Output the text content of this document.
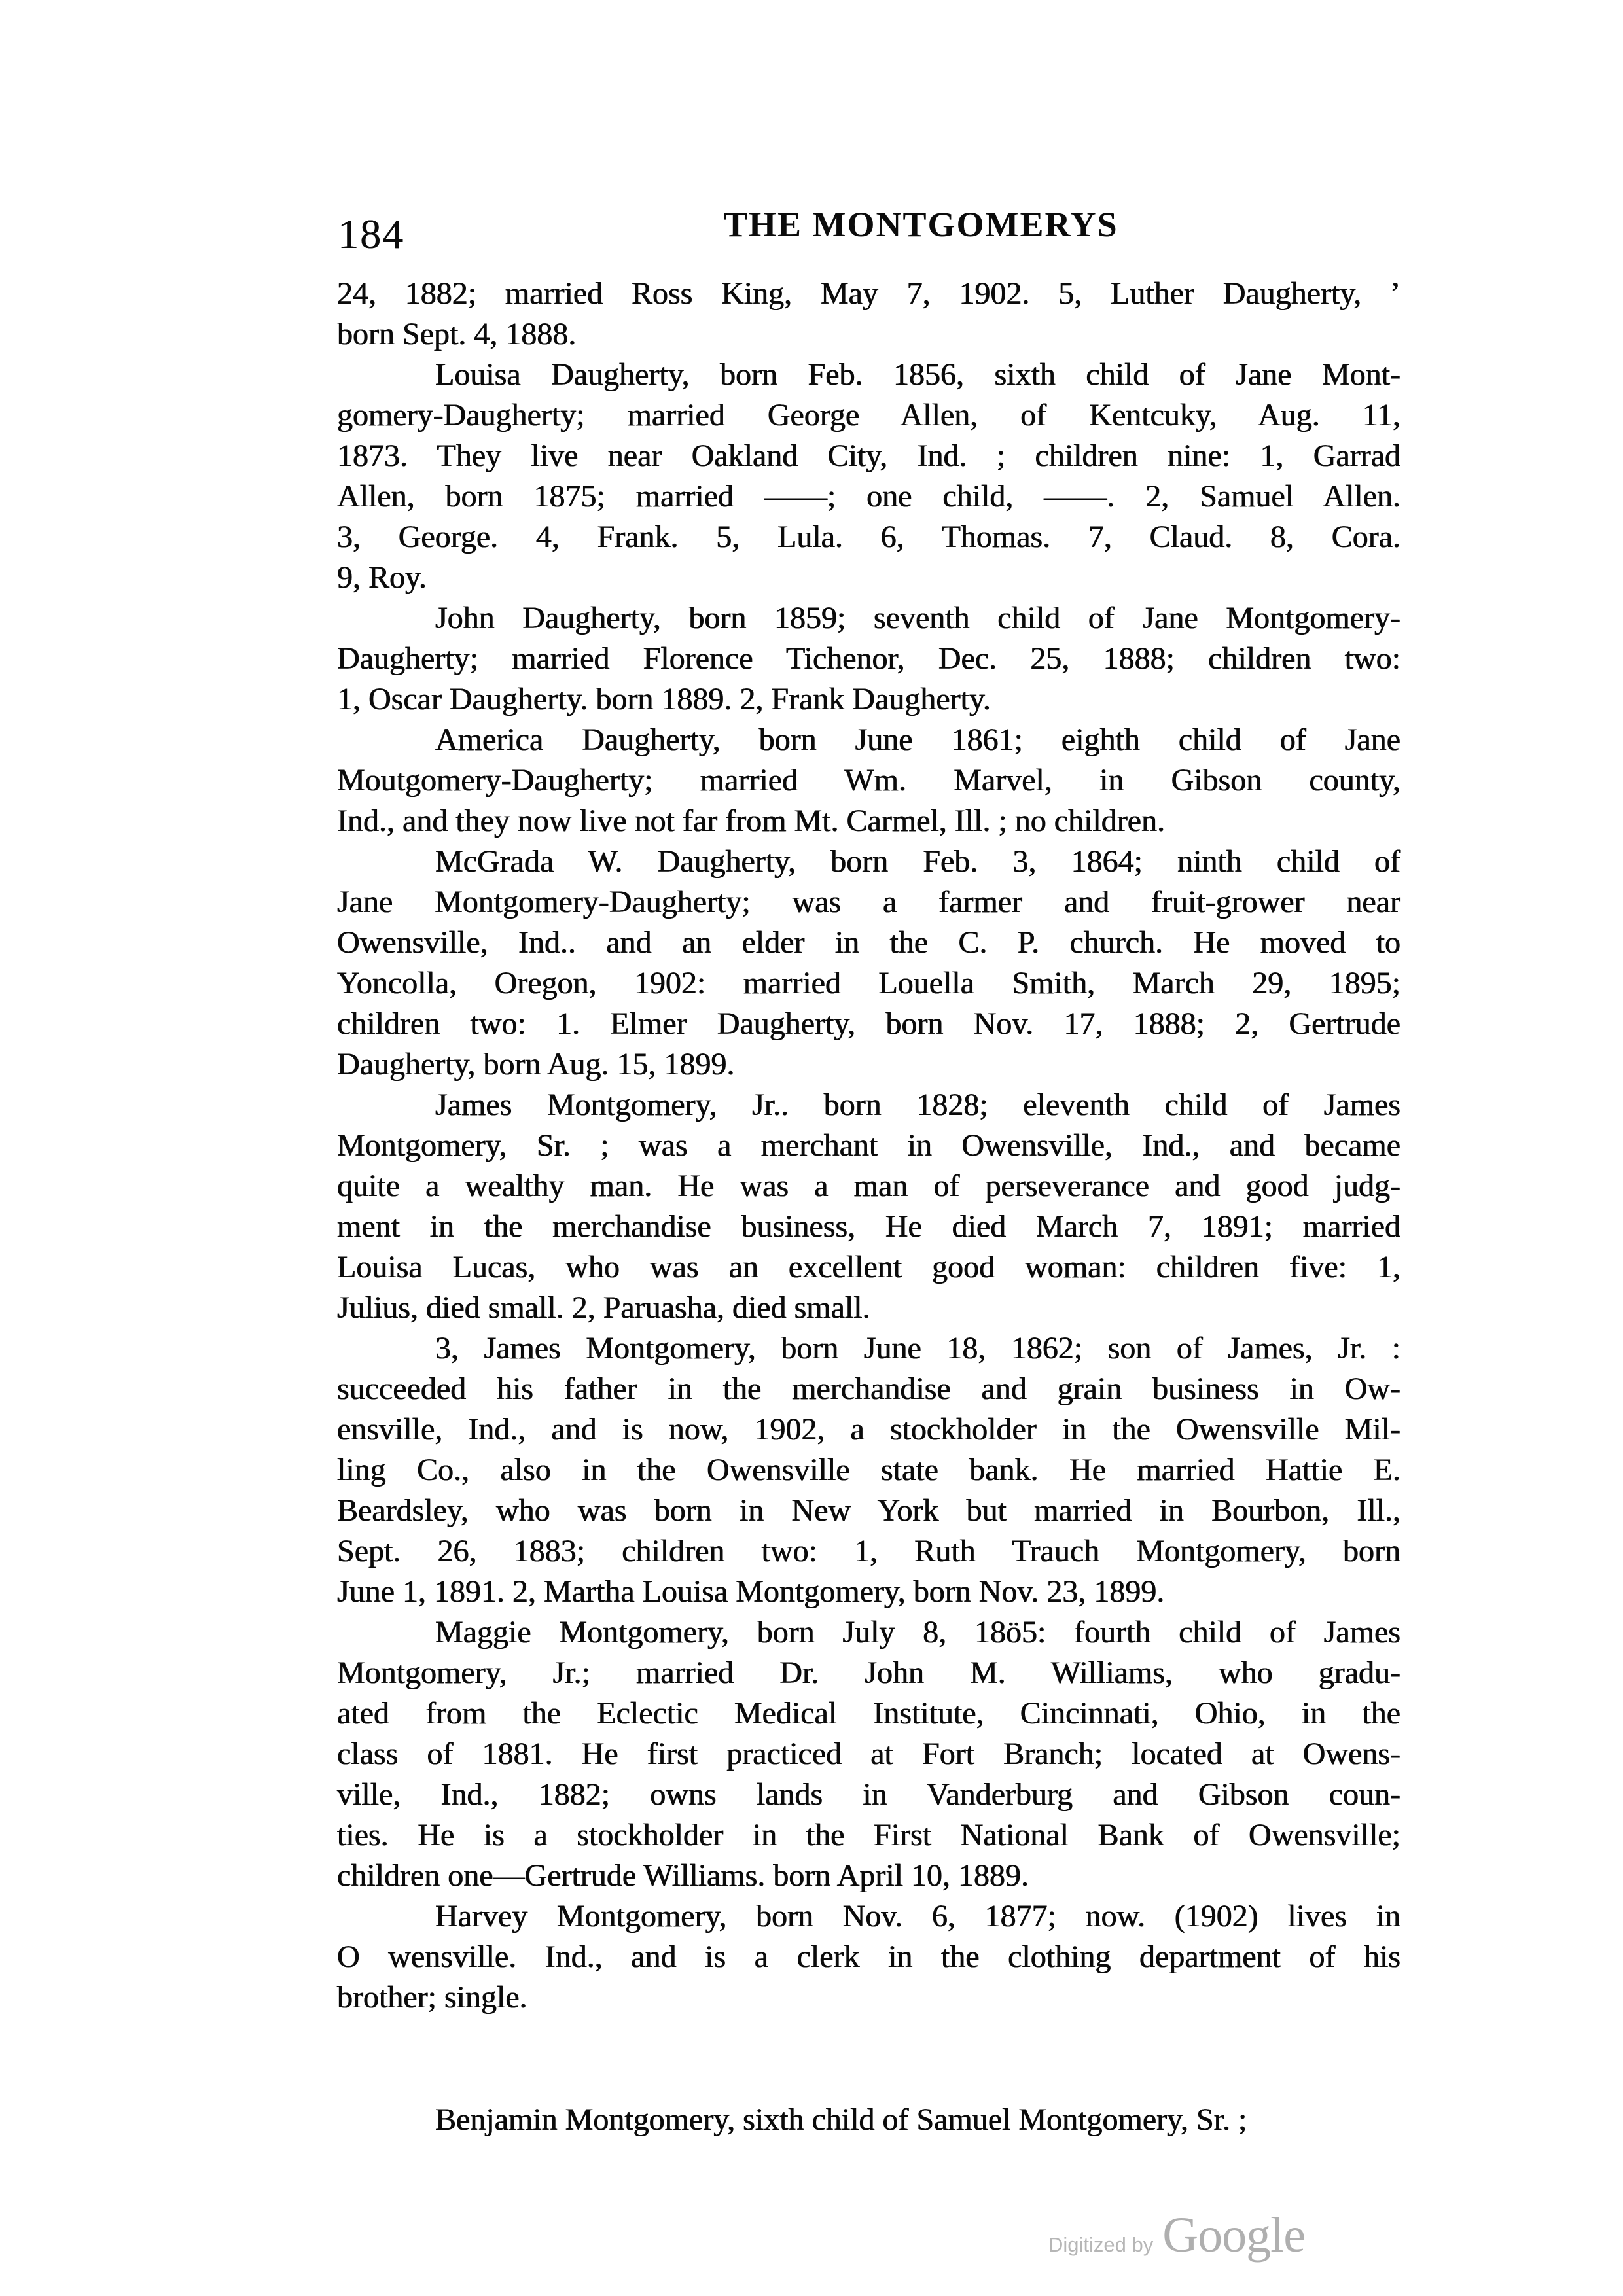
184	THE MONTGOMERYS
24, 1882; married Ross King, May 7, 1902. 5, Luther Daugherty, ʼ
born Sept. 4, 1888.
Louisa Daugherty, born Feb. 1856, sixth child of Jane Mont-
gomery-Daugherty; married George Allen, of Kentcuky, Aug. 11,
1873. They live near Oakland City, Ind. ; children nine: 1, Garrad
Allen, born 1875; married ——; one child, ——. 2, Samuel Allen.
3, George. 4, Frank. 5, Lula. 6, Thomas. 7, Claud. 8, Cora.
9, Roy.
John Daugherty, born 1859; seventh child of Jane Montgomery-
Daugherty; married Florence Tichenor, Dec. 25, 1888; children two:
1, Oscar Daugherty. born 1889. 2, Frank Daugherty.
America Daugherty, born June 1861; eighth child of Jane
Moutgomery-Daugherty; married Wm. Marvel, in Gibson county,
Ind., and they now live not far from Mt. Carmel, Ill. ; no children.
McGrada W. Daugherty, born Feb. 3, 1864; ninth child of
Jane Montgomery-Daugherty; was a farmer and fruit-grower near
Owensville, Ind.. and an elder in the C. P. church. He moved to
Yoncolla, Oregon, 1902: married Louella Smith, March 29, 1895;
children two: 1. Elmer Daugherty, born Nov. 17, 1888; 2, Gertrude
Daugherty, born Aug. 15, 1899.
James Montgomery, Jr.. born 1828; eleventh child of James
Montgomery, Sr. ; was a merchant in Owensville, Ind., and became
quite a wealthy man. He was a man of perseverance and good judg-
ment in the merchandise business, He died March 7, 1891; married
Louisa Lucas, who was an excellent good woman: children five: 1,
Julius, died small. 2, Paruasha, died small.
3, James Montgomery, born June 18, 1862; son of James, Jr. :
succeeded his father in the merchandise and grain business in Ow-
ensville, Ind., and is now, 1902, a stockholder in the Owensville Mil-
ling Co., also in the Owensville state bank. He married Hattie E.
Beardsley, who was born in New York but married in Bourbon, Ill.,
Sept. 26, 1883; children two: 1, Ruth Trauch Montgomery, born
June 1, 1891. 2, Martha Louisa Montgomery, born Nov. 23, 1899.
Maggie Montgomery, born July 8, 18ö5: fourth child of James
Montgomery, Jr.; married Dr. John M. Williams, who gradu-
ated from the Eclectic Medical Institute, Cincinnati, Ohio, in the
class of 1881. He first practiced at Fort Branch; located at Owens-
ville, Ind., 1882; owns lands in Vanderburg and Gibson coun-
ties. He is a stockholder in the First National Bank of Owensville;
children one—Gertrude Williams. born April 10, 1889.
Harvey Montgomery, born Nov. 6, 1877; now. (1902) lives in
O wensville. Ind., and is a clerk in the clothing department of his
brother; single.
Benjamin Montgomery, sixth child of Samuel Montgomery, Sr. ;
Digitized by Google
